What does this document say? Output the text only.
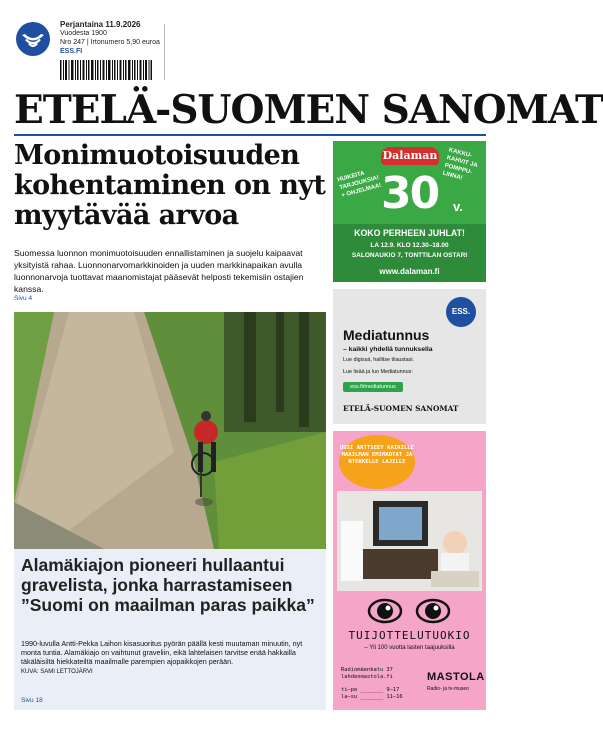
Perjantaina 11.9.2026
Vuodesta 1900
Nro 247 | Irtonumero 5,90 euroa
ESS.FI
ETELÄ-SUOMEN SANOMAT
Monimuotoisuuden kohentaminen on nyt myytävää arvoa

Suomessa luonnon monimuotoisuuden ennallistaminen ja suojelu kaipaavat yksityistä rahaa. Luonnonarvomarkkinoiden ja uuden markkinapaikan avulla luonnonarvoja tuottavat maanomistajat pääsevät helposti tekemisiin ostajien kanssa.

Sivu 4
Alamäkiajon pioneeri hullaantui gravelista, jonka harrastamiseen ”Suomi on maailman paras paikka”

1990-luvulla Antti-Pekka Laihon kisasuoritus pyörän päällä kesti muutaman minuutin, nyt monta tuntia. Alamäkiajo on vaihtunut graveliin, eikä lahtelaisen tarvitse enää hakkailla täkäläisiltä hiekkateiltä maailmalle parempien ajopaikkojen perään.
KUVA: SAMI LETTOJÄRVI

Sivu 18
Dalaman
HUIKEITA TARJOUKSIA! + OHJELMAA!
KAKKU-KAHVIT JA POMPPU-LINNA!
30 v.
KOKO PERHEEN JUHLAT!
LA 12.9. KLO 12.30–18.00
SALONAUKIO 7, TONTTILAN OSTARI
www.dalaman.fi
ESS.
Mediatunnus
– kaikki yhdellä tunnuksella
Lue digissä, hallitse tilaustasi.
Lue lisää ja luo Mediatunnus:
ess.fi/mediatunnus
ETELÄ-SUOMEN SANOMAT
UUSI ARTTSEEY KAIKILLE MAAILMAN EMIMAOTAT JA NTEKKELLE LAJILLE
TUIJOTTELUTUOKIO
– Yli 100 vuotta lasten taajuuksilla
Radiomäenkatu 37
lahdenmastola.fi
ti–pe _______ 9–17
la–su _______ 11–16
MASTOLA
Radio- ja tv-museo
